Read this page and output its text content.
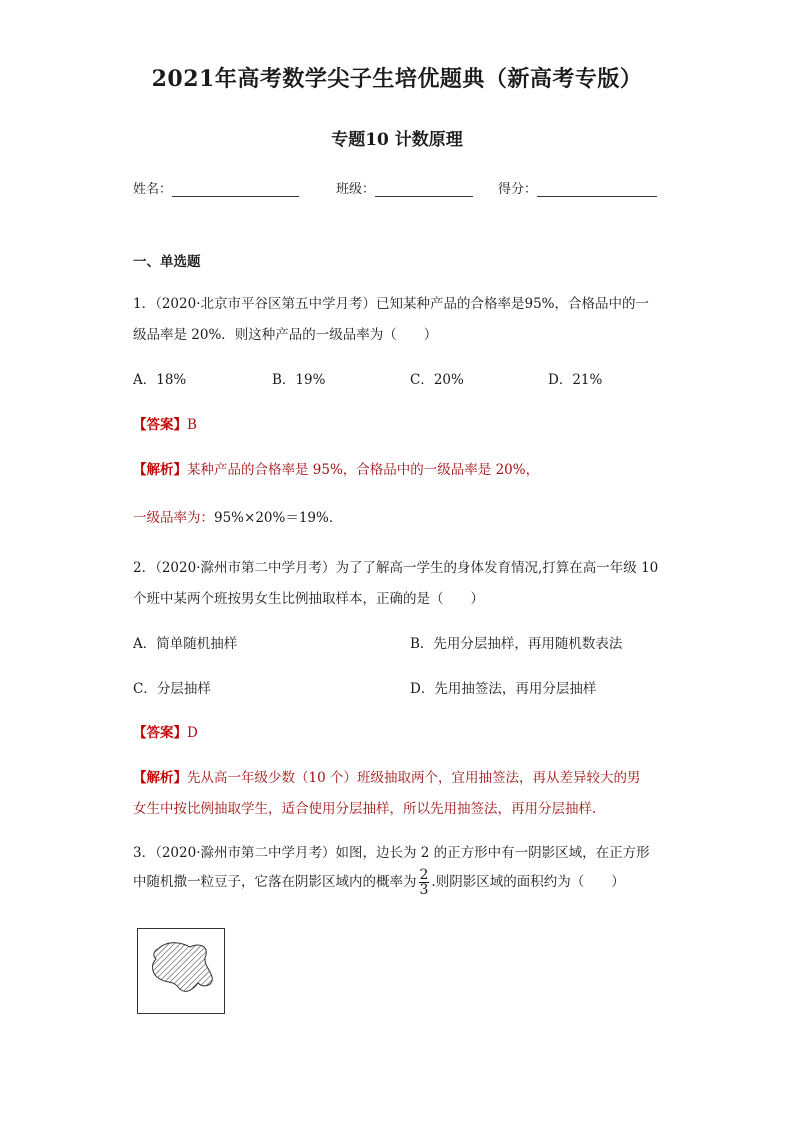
2021年高考数学尖子生培优题典（新高考专版）
专题10 计数原理
姓名：	班级：	得分：
一、单选题
1．（2020·北京市平谷区第五中学月考）已知某种产品的合格率是95%，合格品中的一
级品率是 20%．则这种产品的一级品率为（　　）
A．18%	B．19%	C．20%	D．21%
【答案】B
【解析】某种产品的合格率是 95%，合格品中的一级品率是 20%，
一级品率为：95%×20%＝19%．
2．（2020·滁州市第二中学月考）为了了解高一学生的身体发育情况,打算在高一年级 10
个班中某两个班按男女生比例抽取样本，正确的是（　　）
A．简单随机抽样	B．先用分层抽样，再用随机数表法
C．分层抽样	D．先用抽签法，再用分层抽样
【答案】D
【解析】先从高一年级少数（10 个）班级抽取两个，宜用抽签法，再从差异较大的男
女生中按比例抽取学生，适合使用分层抽样，所以先用抽签法，再用分层抽样.
3．（2020·滁州市第二中学月考）如图，边长为 2 的正方形中有一阴影区域，在正方形
中随机撒一粒豆子，它落在阴影区域内的概率为 $\frac{2}{3}$ .则阴影区域的面积约为（　　）
